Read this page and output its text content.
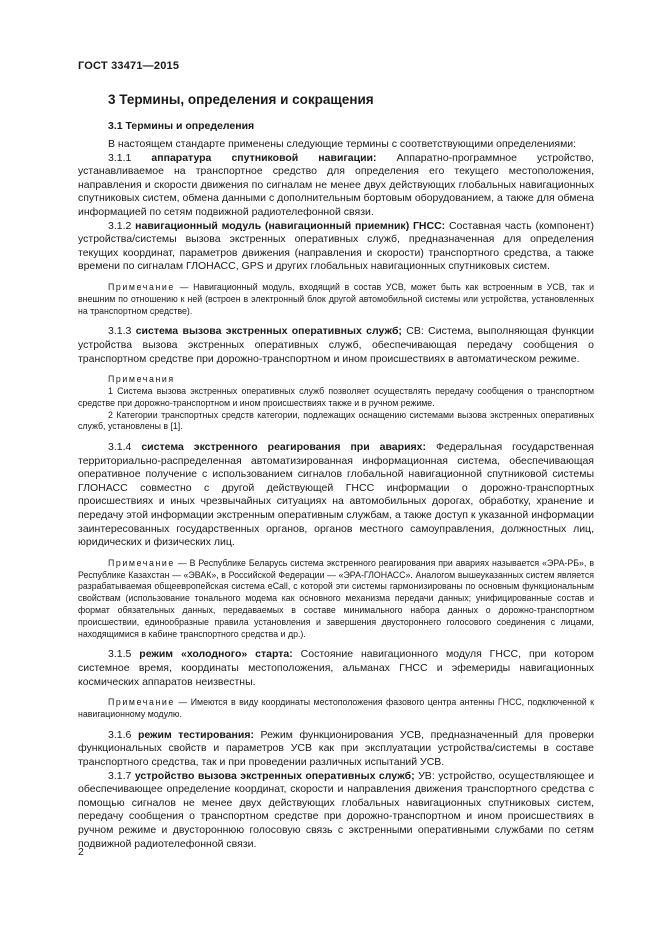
ГОСТ 33471—2015
3 Термины, определения и сокращения
3.1 Термины и определения

В настоящем стандарте применены следующие термины с соответствующими определениями:

3.1.1 аппаратура спутниковой навигации: Аппаратно-программное устройство, устанавливаемое на транспортное средство для определения его текущего местоположения, направления и скорости движения по сигналам не менее двух действующих глобальных навигационных спутниковых систем, обмена данными с дополнительным бортовым оборудованием, а также для обмена информацией по сетям подвижной радиотелефонной связи.

3.1.2 навигационный модуль (навигационный приемник) ГНСС: Составная часть (компонент) устройства/системы вызова экстренных оперативных служб, предназначенная для определения текущих координат, параметров движения (направления и скорости) транспортного средства, а также времени по сигналам ГЛОНАСС, GPS и других глобальных навигационных спутниковых систем.

Примечание — Навигационный модуль, входящий в состав УСВ, может быть как встроенным в УСВ, так и внешним по отношению к ней (встроен в электронный блок другой автомобильной системы или устройства, установленных на транспортном средстве).

3.1.3 система вызова экстренных оперативных служб; СВ: Система, выполняющая функции устройства вызова экстренных оперативных служб, обеспечивающая передачу сообщения о транспортном средстве при дорожно-транспортном и ином происшествиях в автоматическом режиме.

Примечания

1 Система вызова экстренных оперативных служб позволяет осуществлять передачу сообщения о транспортном средстве при дорожно-транспортном и ином происшествиях также и в ручном режиме.

2 Категории транспортных средств категории, подлежащих оснащению системами вызова экстренных оперативных служб, установлены в [1].

3.1.4 система экстренного реагирования при авариях: Федеральная государственная территориально-распределенная автоматизированная информационная система, обеспечивающая оперативное получение с использованием сигналов глобальной навигационной спутниковой системы ГЛОНАСС совместно с другой действующей ГНСС информации о дорожно-транспортных происшествиях и иных чрезвычайных ситуациях на автомобильных дорогах, обработку, хранение и передачу этой информации экстренным оперативным службам, а также доступ к указанной информации заинтересованных государственных органов, органов местного самоуправления, должностных лиц, юридических и физических лиц.

Примечание — В Республике Беларусь система экстренного реагирования при авариях называется «ЭРА-РБ», в Республике Казахстан — «ЭВАК», в Российской Федерации — «ЭРА-ГЛОНАСС». Аналогом вышеуказанных систем является разрабатываемая общеевропейская система eCall, с которой эти системы гармонизированы по основным функциональным свойствам (использование тонального модема как основного механизма передачи данных; унифицированные состав и формат обязательных данных, передаваемых в составе минимального набора данных о дорожно-транспортном происшествии, единообразные правила установления и завершения двустороннего голосового соединения с лицами, находящимися в кабине транспортного средства и др.).

3.1.5 режим «холодного» старта: Состояние навигационного модуля ГНСС, при котором системное время, координаты местоположения, альманах ГНСС и эфемериды навигационных космических аппаратов неизвестны.

Примечание — Имеются в виду координаты местоположения фазового центра антенны ГНСС, подключенной к навигационному модулю.

3.1.6 режим тестирования: Режим функционирования УСВ, предназначенный для проверки функциональных свойств и параметров УСВ как при эксплуатации устройства/системы в составе транспортного средства, так и при проведении различных испытаний УСВ.

3.1.7 устройство вызова экстренных оперативных служб; УВ: устройство, осуществляющее и обеспечивающее определение координат, скорости и направления движения транспортного средства с помощью сигналов не менее двух действующих глобальных навигационных спутниковых систем, передачу сообщения о транспортном средстве при дорожно-транспортном и ином происшествиях в ручном режиме и двустороннюю голосовую связь с экстренными оперативными службами по сетям подвижной радиотелефонной связи.

2
